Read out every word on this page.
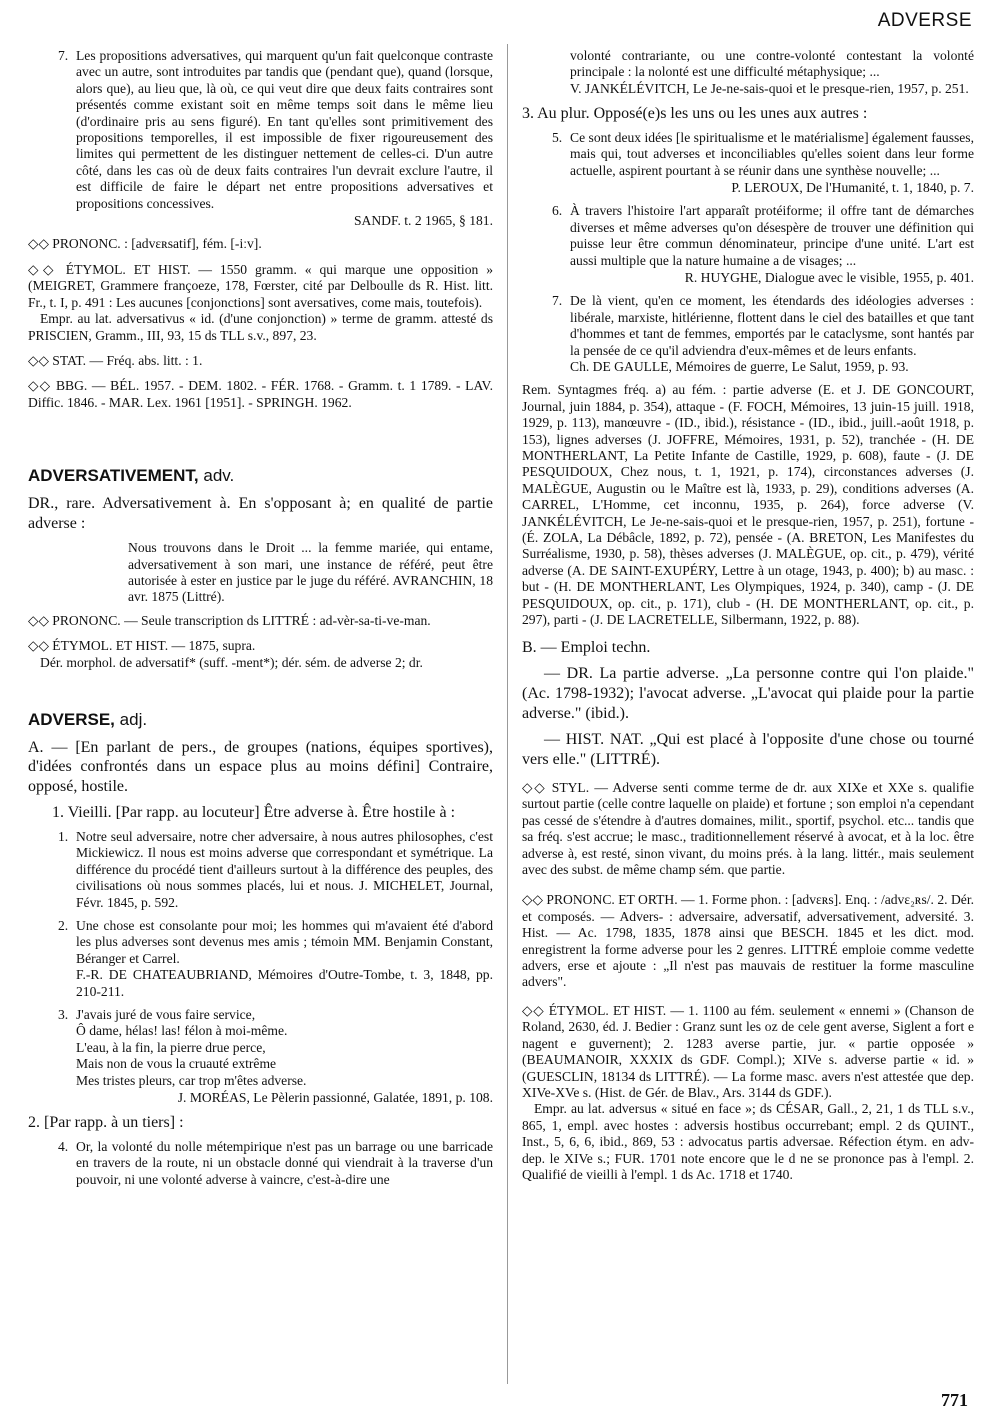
ADVERSE
7. Les propositions adversatives, qui marquent qu'un fait quelconque contraste avec un autre, sont introduites par tandis que (pendant que), quand (lorsque, alors que), au lieu que, là où, ce qui veut dire que deux faits contraires sont présentés comme existant soit en même temps soit dans le même lieu (d'ordinaire pris au sens figuré). En tant qu'elles sont primitivement des propositions temporelles, il est impossible de fixer rigoureusement des limites qui permettent de les distinguer nettement de celles-ci. D'un autre côté, dans les cas où de deux faits contraires l'un devrait exclure l'autre, il est difficile de faire le départ net entre propositions adversatives et propositions concessives.
SANDF. t. 2 1965, § 181.
◇◇ PRONONC. : [advɛʀsatif], fém. [-iːv].
◇◇ ÉTYMOL. ET HIST. — 1550 gramm. « qui marque une opposition » (MEIGRET, Grammere françoeze, 178, Fœrster, cité par Delboulle ds R. Hist. litt. Fr., t. I, p. 491 : Les aucunes [conjonctions] sont aversatives, come mais, toutefois).
Empr. au lat. adversativus « id. (d'une conjonction) » terme de gramm. attesté ds PRISCIEN, Gramm., III, 93, 15 ds TLL s.v., 897, 23.
◇◇ STAT. — Fréq. abs. litt. : 1.
◇◇ BBG. — BÉL. 1957. - DEM. 1802. - FÉR. 1768. - Gramm. t. 1 1789. - LAV. Diffic. 1846. - MAR. Lex. 1961 [1951]. - SPRINGH. 1962.
ADVERSATIVEMENT, adv.
DR., rare. Adversativement à. En s'opposant à; en qualité de partie adverse :
Nous trouvons dans le Droit ... la femme mariée, qui entame, adversativement à son mari, une instance de référé, peut être autorisée à ester en justice par le juge du référé. AVRANCHIN, 18 avr. 1875 (Littré).
◇◇ PRONONC. — Seule transcription ds LITTRÉ : ad-vèr-sa-ti-ve-man.
◇◇ ÉTYMOL. ET HIST. — 1875, supra.
Dér. morphol. de adversatif* (suff. -ment*); dér. sém. de adverse 2; dr.
ADVERSE, adj.
A. — [En parlant de pers., de groupes (nations, équipes sportives), d'idées confrontés dans un espace plus au moins défini] Contraire, opposé, hostile.
1. Vieilli. [Par rapp. au locuteur] Être adverse à. Être hostile à :
1. Notre seul adversaire, notre cher adversaire, à nous autres philosophes, c'est Mickiewicz. Il nous est moins adverse que correspondant et symétrique. La différence du procédé tient d'ailleurs surtout à la différence des peuples, des civilisations où nous sommes placés, lui et nous. J. MICHELET, Journal, Févr. 1845, p. 592.
2. Une chose est consolante pour moi; les hommes qui m'avaient été d'abord les plus adverses sont devenus mes amis ; témoin MM. Benjamin Constant, Béranger et Carrel.
F.-R. DE CHATEAUBRIAND, Mémoires d'Outre-Tombe, t. 3, 1848, pp. 210-211.
3. J'avais juré de vous faire service,
Ô dame, hélas! las! félon à moi-même.
L'eau, à la fin, la pierre drue perce,
Mais non de vous la cruauté extrême
Mes tristes pleurs, car trop m'êtes adverse.
J. MORÉAS, Le Pèlerin passionné, Galatée, 1891, p. 108.
2. [Par rapp. à un tiers] :
4. Or, la volonté du nolle métempirique n'est pas un barrage ou une barricade en travers de la route, ni un obstacle donné qui viendrait à la traverse d'un pouvoir, ni une volonté adverse à vaincre, c'est-à-dire une
volonté contrariante, ou une contre-volonté contestant la volonté principale : la nolonté est une difficulté métaphysique; ...
V. JANKÉLÉVITCH, Le Je-ne-sais-quoi et le presque-rien, 1957, p. 251.
3. Au plur. Opposé(e)s les uns ou les unes aux autres :
5. Ce sont deux idées [le spiritualisme et le matérialisme] également fausses, mais qui, tout adverses et inconciliables qu'elles soient dans leur forme actuelle, aspirent pourtant à se réunir dans une synthèse nouvelle; ...
P. LEROUX, De l'Humanité, t. 1, 1840, p. 7.
6. À travers l'histoire l'art apparaît protéiforme; il offre tant de démarches diverses et même adverses qu'on désespère de trouver une définition qui puisse leur être commun dénominateur, principe d'une unité. L'art est aussi multiple que la nature humaine a de visages; ...
R. HUYGHE, Dialogue avec le visible, 1955, p. 401.
7. De là vient, qu'en ce moment, les étendards des idéologies adverses : libérale, marxiste, hitlérienne, flottent dans le ciel des batailles et que tant d'hommes et tant de femmes, emportés par le cataclysme, sont hantés par la pensée de ce qu'il adviendra d'eux-mêmes et de leurs enfants.
Ch. DE GAULLE, Mémoires de guerre, Le Salut, 1959, p. 93.
Rem. Syntagmes fréq. a) au fém. : partie adverse (E. et J. DE GONCOURT, Journal, juin 1884, p. 354), attaque - (F. FOCH, Mémoires, 13 juin-15 juill. 1918, 1929, p. 113), manœuvre - (ID., ibid.), résistance - (ID., ibid., juill.-août 1918, p. 153), lignes adverses (J. JOFFRE, Mémoires, 1931, p. 52), tranchée - (H. DE MONTHERLANT, La Petite Infante de Castille, 1929, p. 608), faute - (J. DE PESQUIDOUX, Chez nous, t. 1, 1921, p. 174), circonstances adverses (J. MALÈGUE, Augustin ou le Maître est là, 1933, p. 29), conditions adverses (A. CARREL, L'Homme, cet inconnu, 1935, p. 264), force adverse (V. JANKÉLÉVITCH, Le Je-ne-sais-quoi et le presque-rien, 1957, p. 251), fortune - (É. ZOLA, La Débâcle, 1892, p. 72), pensée - (A. BRETON, Les Manifestes du Surréalisme, 1930, p. 58), thèses adverses (J. MALÈGUE, op. cit., p. 479), vérité adverse (A. DE SAINT-EXUPÉRY, Lettre à un otage, 1943, p. 400); b) au masc. : but - (H. DE MONTHERLANT, Les Olympiques, 1924, p. 340), camp - (J. DE PESQUIDOUX, op. cit., p. 171), club - (H. DE MONTHERLANT, op. cit., p. 297), parti - (J. DE LACRETELLE, Silbermann, 1922, p. 88).
B. — Emploi techn.
— DR. La partie adverse. „La personne contre qui l'on plaide." (Ac. 1798-1932); l'avocat adverse. „L'avocat qui plaide pour la partie adverse." (ibid.).
— HIST. NAT. „Qui est placé à l'opposite d'une chose ou tourné vers elle." (LITTRÉ).
◇◇ STYL. — Adverse senti comme terme de dr. aux XIXe et XXe s. qualifie surtout partie (celle contre laquelle on plaide) et fortune ; son emploi n'a cependant pas cessé de s'étendre à d'autres domaines, milit., sportif, psychol. etc... tandis que sa fréq. s'est accrue; le masc., traditionnellement réservé à avocat, et à la loc. être adverse à, est resté, sinon vivant, du moins prés. à la lang. littér., mais seulement avec des subst. de même champ sém. que partie.
◇◇ PRONONC. ET ORTH. — 1. Forme phon. : [advɛʀs]. Enq. : /advɛ₂ʀs/. 2. Dér. et composés. — Advers- : adversaire, adversatif, adversativement, adversité. 3. Hist. — Ac. 1798, 1835, 1878 ainsi que BESCH. 1845 et les dict. mod. enregistrent la forme adverse pour les 2 genres. LITTRÉ emploie comme vedette advers, erse et ajoute : „Il n'est pas mauvais de restituer la forme masculine advers".
◇◇ ÉTYMOL. ET HIST. — 1. 1100 au fém. seulement « ennemi » (Chanson de Roland, 2630, éd. J. Bedier : Granz sunt les oz de cele gent averse, Siglent a fort e nagent e guvernent); 2. 1283 averse partie, jur. « partie opposée » (BEAUMANOIR, XXXIX ds GDF. Compl.); XIVe s. adverse partie « id. » (GUESCLIN, 18134 ds LITTRÉ). — La forme masc. avers n'est attestée que dep. XIVe-XVe s. (Hist. de Gér. de Blav., Ars. 3144 ds GDF.).
Empr. au lat. adversus « situé en face »; ds CÉSAR, Gall., 2, 21, 1 ds TLL s.v., 865, 1, empl. avec hostes : adversis hostibus occurrebant; empl. 2 ds QUINT., Inst., 5, 6, 6, ibid., 869, 53 : advocatus partis adversae. Réfection étym. en adv- dep. le XIVe s.; FUR. 1701 note encore que le d ne se prononce pas à l'empl. 2. Qualifié de vieilli à l'empl. 1 ds Ac. 1718 et 1740.
771
